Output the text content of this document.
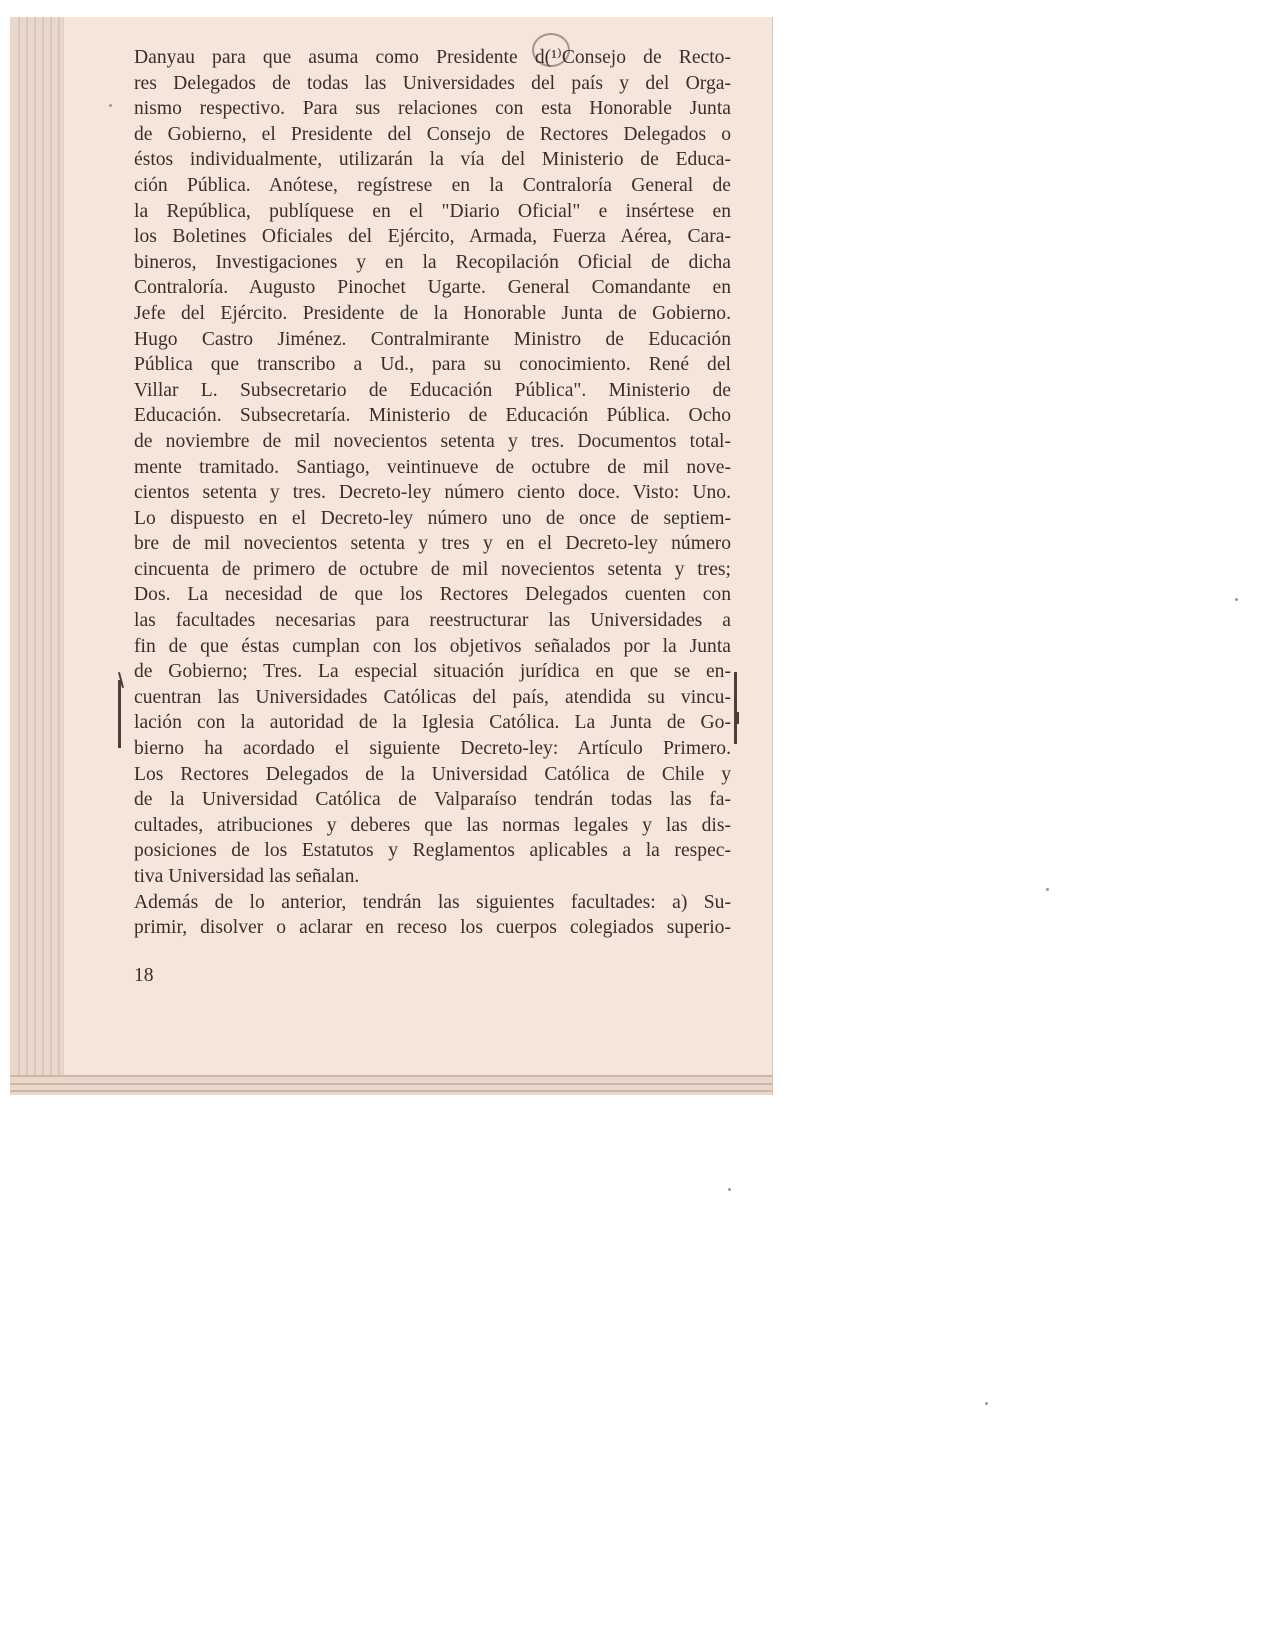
Danyau para que asuma como Presidente d(¹⁾Consejo de Recto-
res Delegados de todas las Universidades del país y del Orga-
nismo respectivo. Para sus relaciones con esta Honorable Junta
de Gobierno, el Presidente del Consejo de Rectores Delegados o
éstos individualmente, utilizarán la vía del Ministerio de Educa-
ción Pública. Anótese, regístrese en la Contraloría General de
la República, publíquese en el "Diario Oficial" e insértese en
los Boletines Oficiales del Ejército, Armada, Fuerza Aérea, Cara-
bineros, Investigaciones y en la Recopilación Oficial de dicha
Contraloría. Augusto Pinochet Ugarte. General Comandante en
Jefe del Ejército. Presidente de la Honorable Junta de Gobierno.
Hugo Castro Jiménez. Contralmirante Ministro de Educación
Pública que transcribo a Ud., para su conocimiento. René del
Villar L. Subsecretario de Educación Pública". Ministerio de
Educación. Subsecretaría. Ministerio de Educación Pública. Ocho
de noviembre de mil novecientos setenta y tres. Documentos total-
mente tramitado. Santiago, veintinueve de octubre de mil nove-
cientos setenta y tres. Decreto-ley número ciento doce. Visto: Uno.
Lo dispuesto en el Decreto-ley número uno de once de septiem-
bre de mil novecientos setenta y tres y en el Decreto-ley número
cincuenta de primero de octubre de mil novecientos setenta y tres;
Dos. La necesidad de que los Rectores Delegados cuenten con
las facultades necesarias para reestructurar las Universidades a
fin de que éstas cumplan con los objetivos señalados por la Junta
de Gobierno; Tres. La especial situación jurídica en que se en-
cuentran las Universidades Católicas del país, atendida su vincu-
lación con la autoridad de la Iglesia Católica. La Junta de Go-
bierno ha acordado el siguiente Decreto-ley: Artículo Primero.
Los Rectores Delegados de la Universidad Católica de Chile y
de la Universidad Católica de Valparaíso tendrán todas las fa-
cultades, atribuciones y deberes que las normas legales y las dis-
posiciones de los Estatutos y Reglamentos aplicables a la respec-
tiva Universidad las señalan.
Además de lo anterior, tendrán las siguientes facultades: a) Su-
primir, disolver o aclarar en receso los cuerpos colegiados superio-
18
